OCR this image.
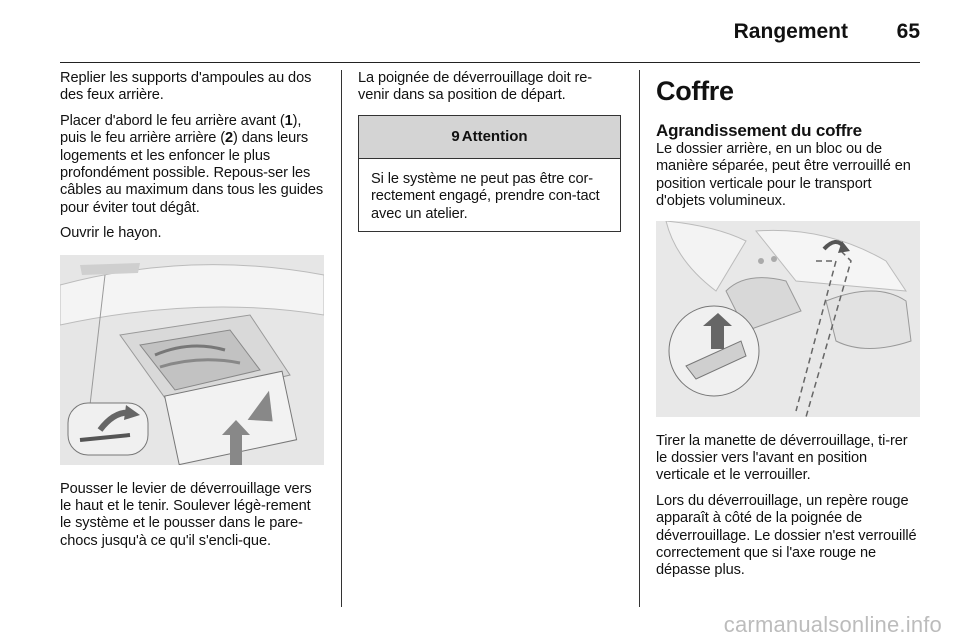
Rangement 65

Replier les supports d'ampoules au dos des feux arrière.

Placer d'abord le feu arrière avant (1), puis le feu arrière arrière (2) dans leurs logements et les enfoncer le plus profondément possible. Repous-ser les câbles au maximum dans tous les guides pour éviter tout dégât.

Ouvrir le hayon.

Pousser le levier de déverrouillage vers le haut et le tenir. Soulever légè-rement le système et le pousser dans le pare-chocs jusqu'à ce qu'il s'encli-que.

La poignée de déverrouillage doit re-venir dans sa position de départ.

9 Attention

Si le système ne peut pas être cor-rectement engagé, prendre con-tact avec un atelier.

Coffre
Agrandissement du coffre

Le dossier arrière, en un bloc ou de manière séparée, peut être verrouillé en position verticale pour le transport d'objets volumineux.

Tirer la manette de déverrouillage, ti-rer le dossier vers l'avant en position verticale et le verrouiller.

Lors du déverrouillage, un repère rouge apparaît à côté de la poignée de déverrouillage. Le dossier n'est verrouillé correctement que si l'axe rouge ne dépasse plus.

carmanualsonline.info
